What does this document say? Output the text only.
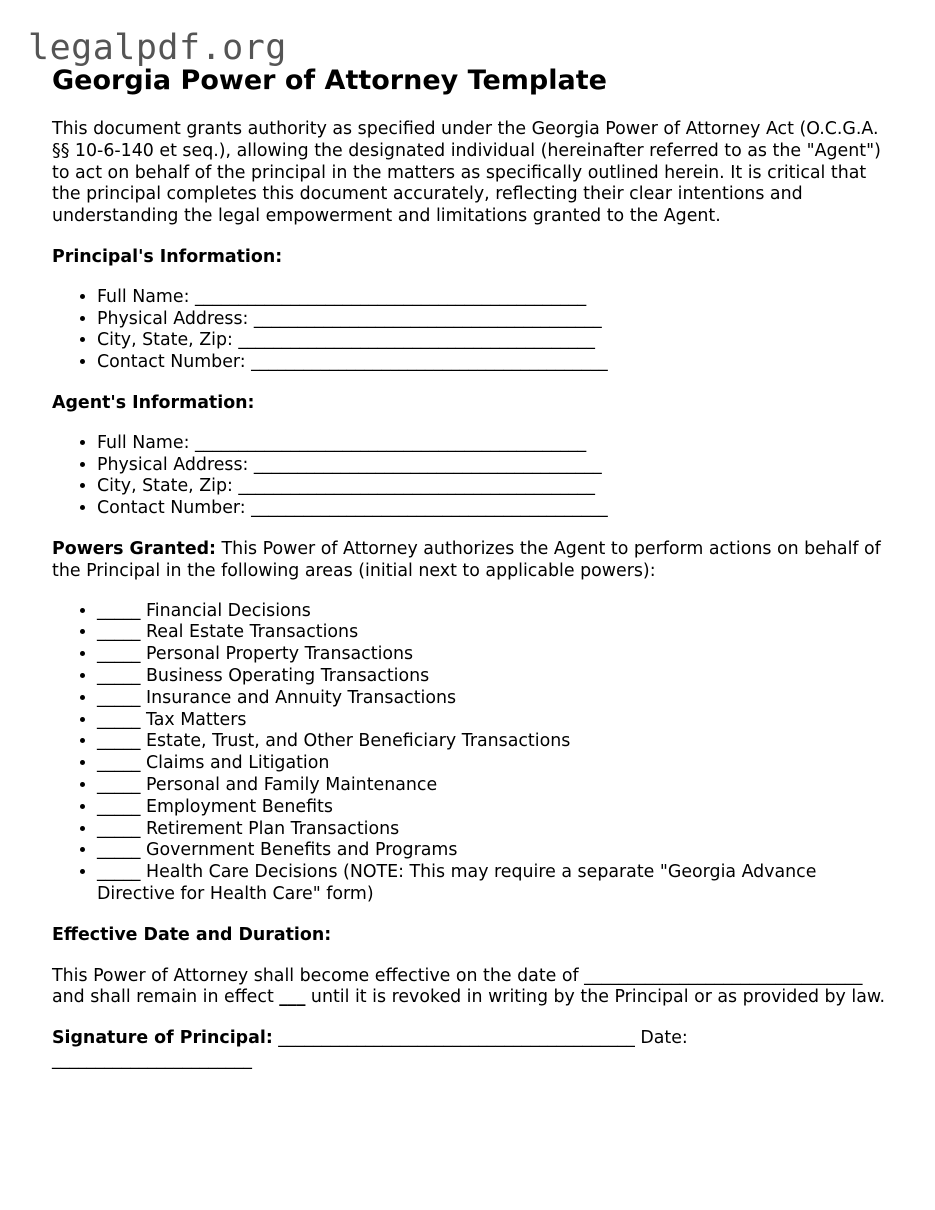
legalpdf.org
Georgia Power of Attorney Template

This document grants authority as specified under the Georgia Power of Attorney Act (O.C.G.A. §§ 10-6-140 et seq.), allowing the designated individual (hereinafter referred to as the "Agent") to act on behalf of the principal in the matters as specifically outlined herein. It is critical that the principal completes this document accurately, reflecting their clear intentions and understanding the legal empowerment and limitations granted to the Agent.

Principal's Information:

• Full Name: _____________________________________________
• Physical Address: ________________________________________
• City, State, Zip: _________________________________________
• Contact Number: _________________________________________

Agent's Information:

• Full Name: _____________________________________________
• Physical Address: ________________________________________
• City, State, Zip: _________________________________________
• Contact Number: _________________________________________

Powers Granted: This Power of Attorney authorizes the Agent to perform actions on behalf of the Principal in the following areas (initial next to applicable powers):

• _____ Financial Decisions
• _____ Real Estate Transactions
• _____ Personal Property Transactions
• _____ Business Operating Transactions
• _____ Insurance and Annuity Transactions
• _____ Tax Matters
• _____ Estate, Trust, and Other Beneficiary Transactions
• _____ Claims and Litigation
• _____ Personal and Family Maintenance
• _____ Employment Benefits
• _____ Retirement Plan Transactions
• _____ Government Benefits and Programs
• _____ Health Care Decisions (NOTE: This may require a separate "Georgia Advance Directive for Health Care" form)

Effective Date and Duration:

This Power of Attorney shall become effective on the date of ________________________________ and shall remain in effect ___ until it is revoked in writing by the Principal or as provided by law.

Signature of Principal: _________________________________________ Date: _______________________
